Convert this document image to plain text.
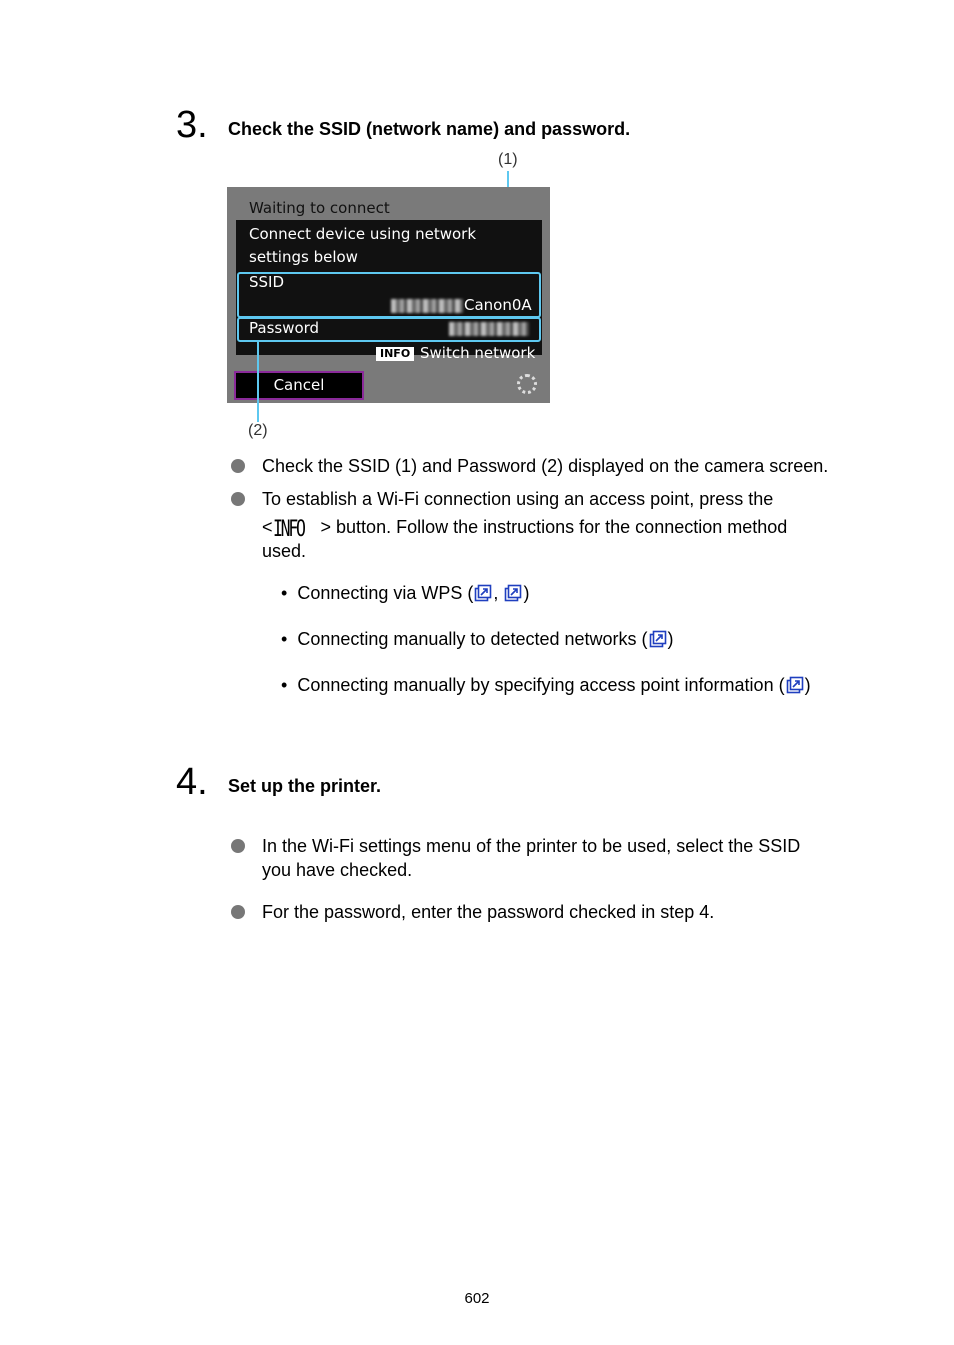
3. Check the SSID (network name) and password.
(1)
Waiting to connect
Connect device using network
settings below
SSID
Canon0A
Password
INFO Switch network
Cancel
(2)
Check the SSID (1) and Password (2) displayed on the camera screen.
To establish a Wi-Fi connection using an access point, press the
<INFO > button. Follow the instructions for the connection method
used.
• Connecting via WPS ( , )
• Connecting manually to detected networks ( )
• Connecting manually by specifying access point information ( )
4. Set up the printer.
In the Wi-Fi settings menu of the printer to be used, select the SSID
you have checked.
For the password, enter the password checked in step 4.
602
